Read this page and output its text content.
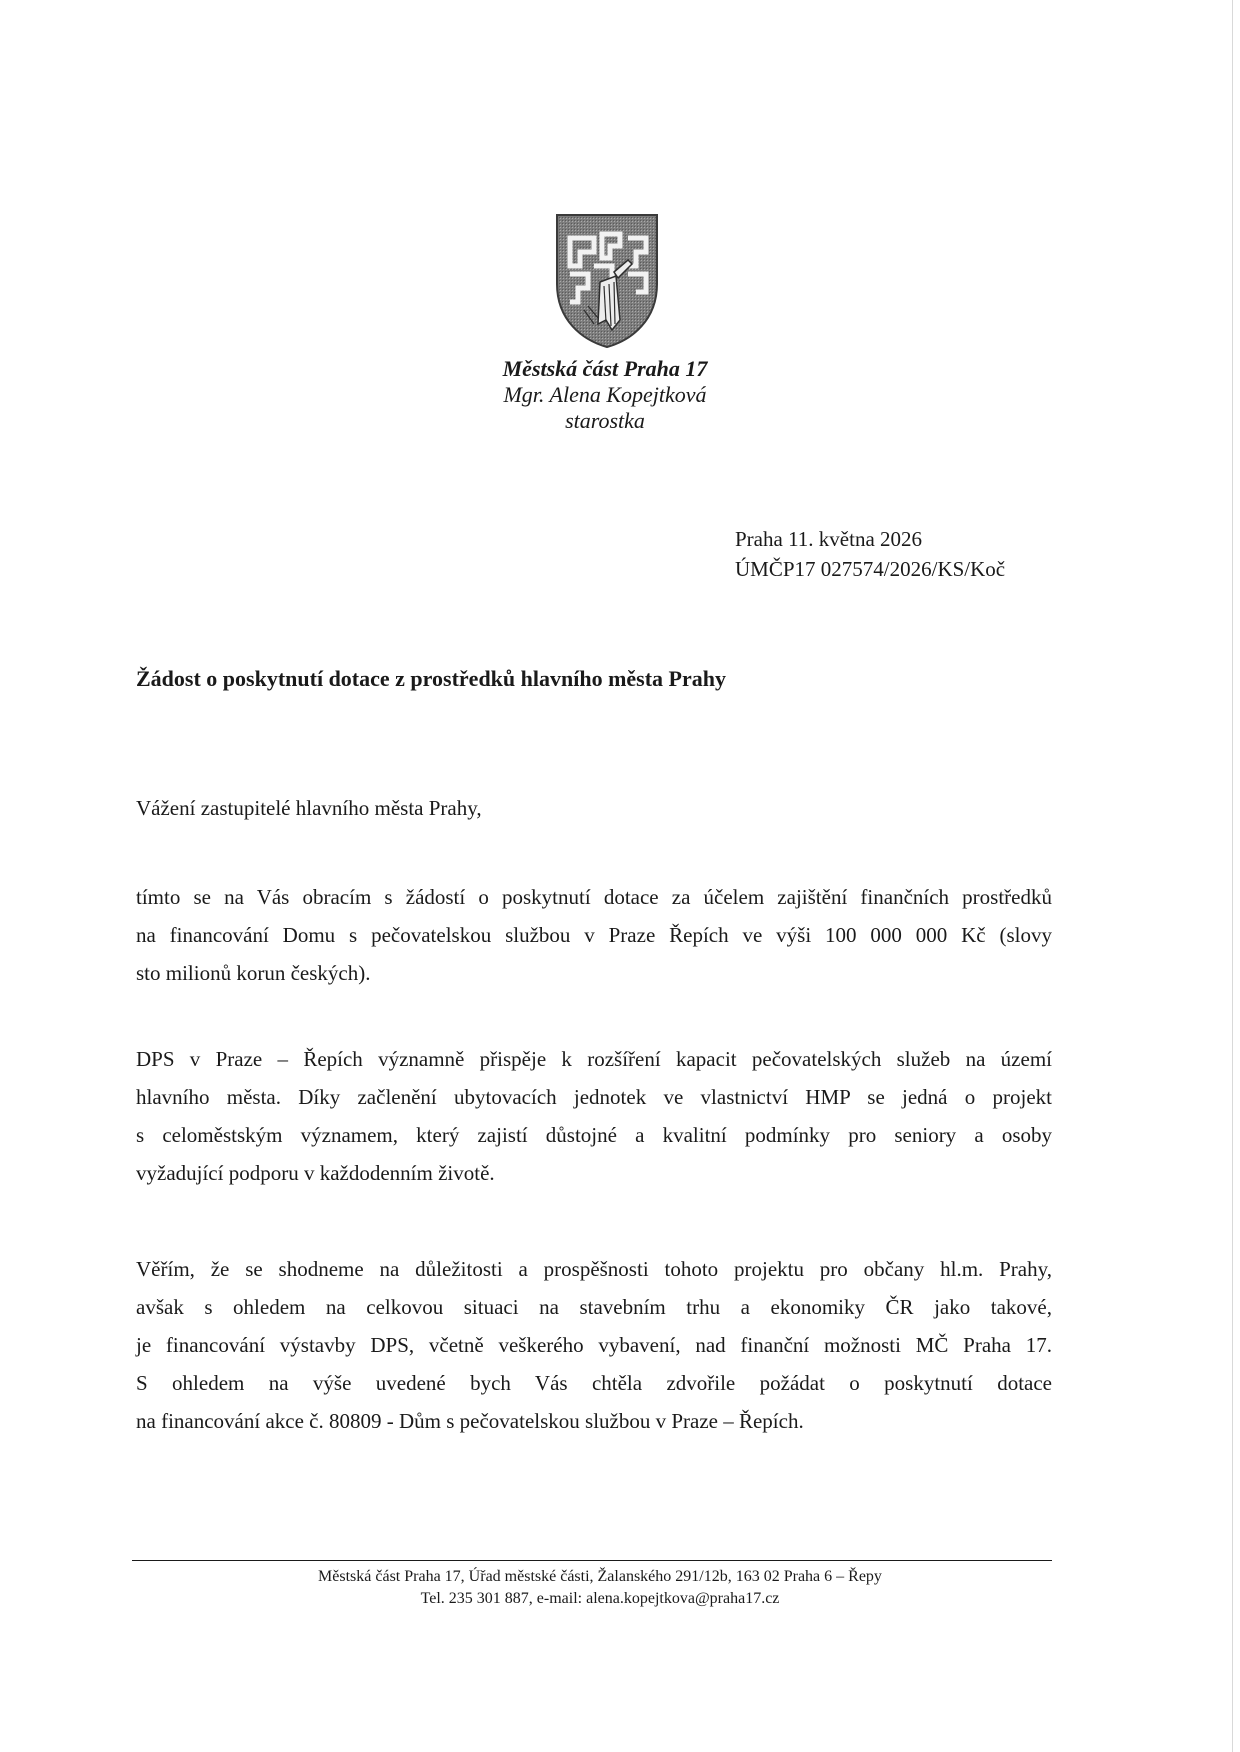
Městská část Praha 17
Mgr. Alena Kopejtková
starostka
Praha 11. května 2026
ÚMČP17 027574/2026/KS/Koč
Žádost o poskytnutí dotace z prostředků hlavního města Prahy
Vážení zastupitelé hlavního města Prahy,
tímto se na Vás obracím s žádostí o poskytnutí dotace za účelem zajištění finančních prostředků
na financování Domu s pečovatelskou službou v Praze Řepích ve výši 100 000 000 Kč (slovy
sto milionů korun českých).
DPS v Praze – Řepích významně přispěje k rozšíření kapacit pečovatelských služeb na území
hlavního města. Díky začlenění ubytovacích jednotek ve vlastnictví HMP se jedná o projekt
s celoměstským významem, který zajistí důstojné a kvalitní podmínky pro seniory a osoby
vyžadující podporu v každodenním životě.
Věřím, že se shodneme na důležitosti a prospěšnosti tohoto projektu pro občany hl.m. Prahy,
avšak s ohledem na celkovou situaci na stavebním trhu a ekonomiky ČR jako takové,
je financování výstavby DPS, včetně veškerého vybavení, nad finanční možnosti MČ Praha 17.
S ohledem na výše uvedené bych Vás chtěla zdvořile požádat o poskytnutí dotace
na financování akce č. 80809 - Dům s pečovatelskou službou v Praze – Řepích.
Městská část Praha 17, Úřad městské části, Žalanského 291/12b, 163 02 Praha 6 – Řepy
Tel. 235 301 887, e-mail: alena.kopejtkova@praha17.cz
